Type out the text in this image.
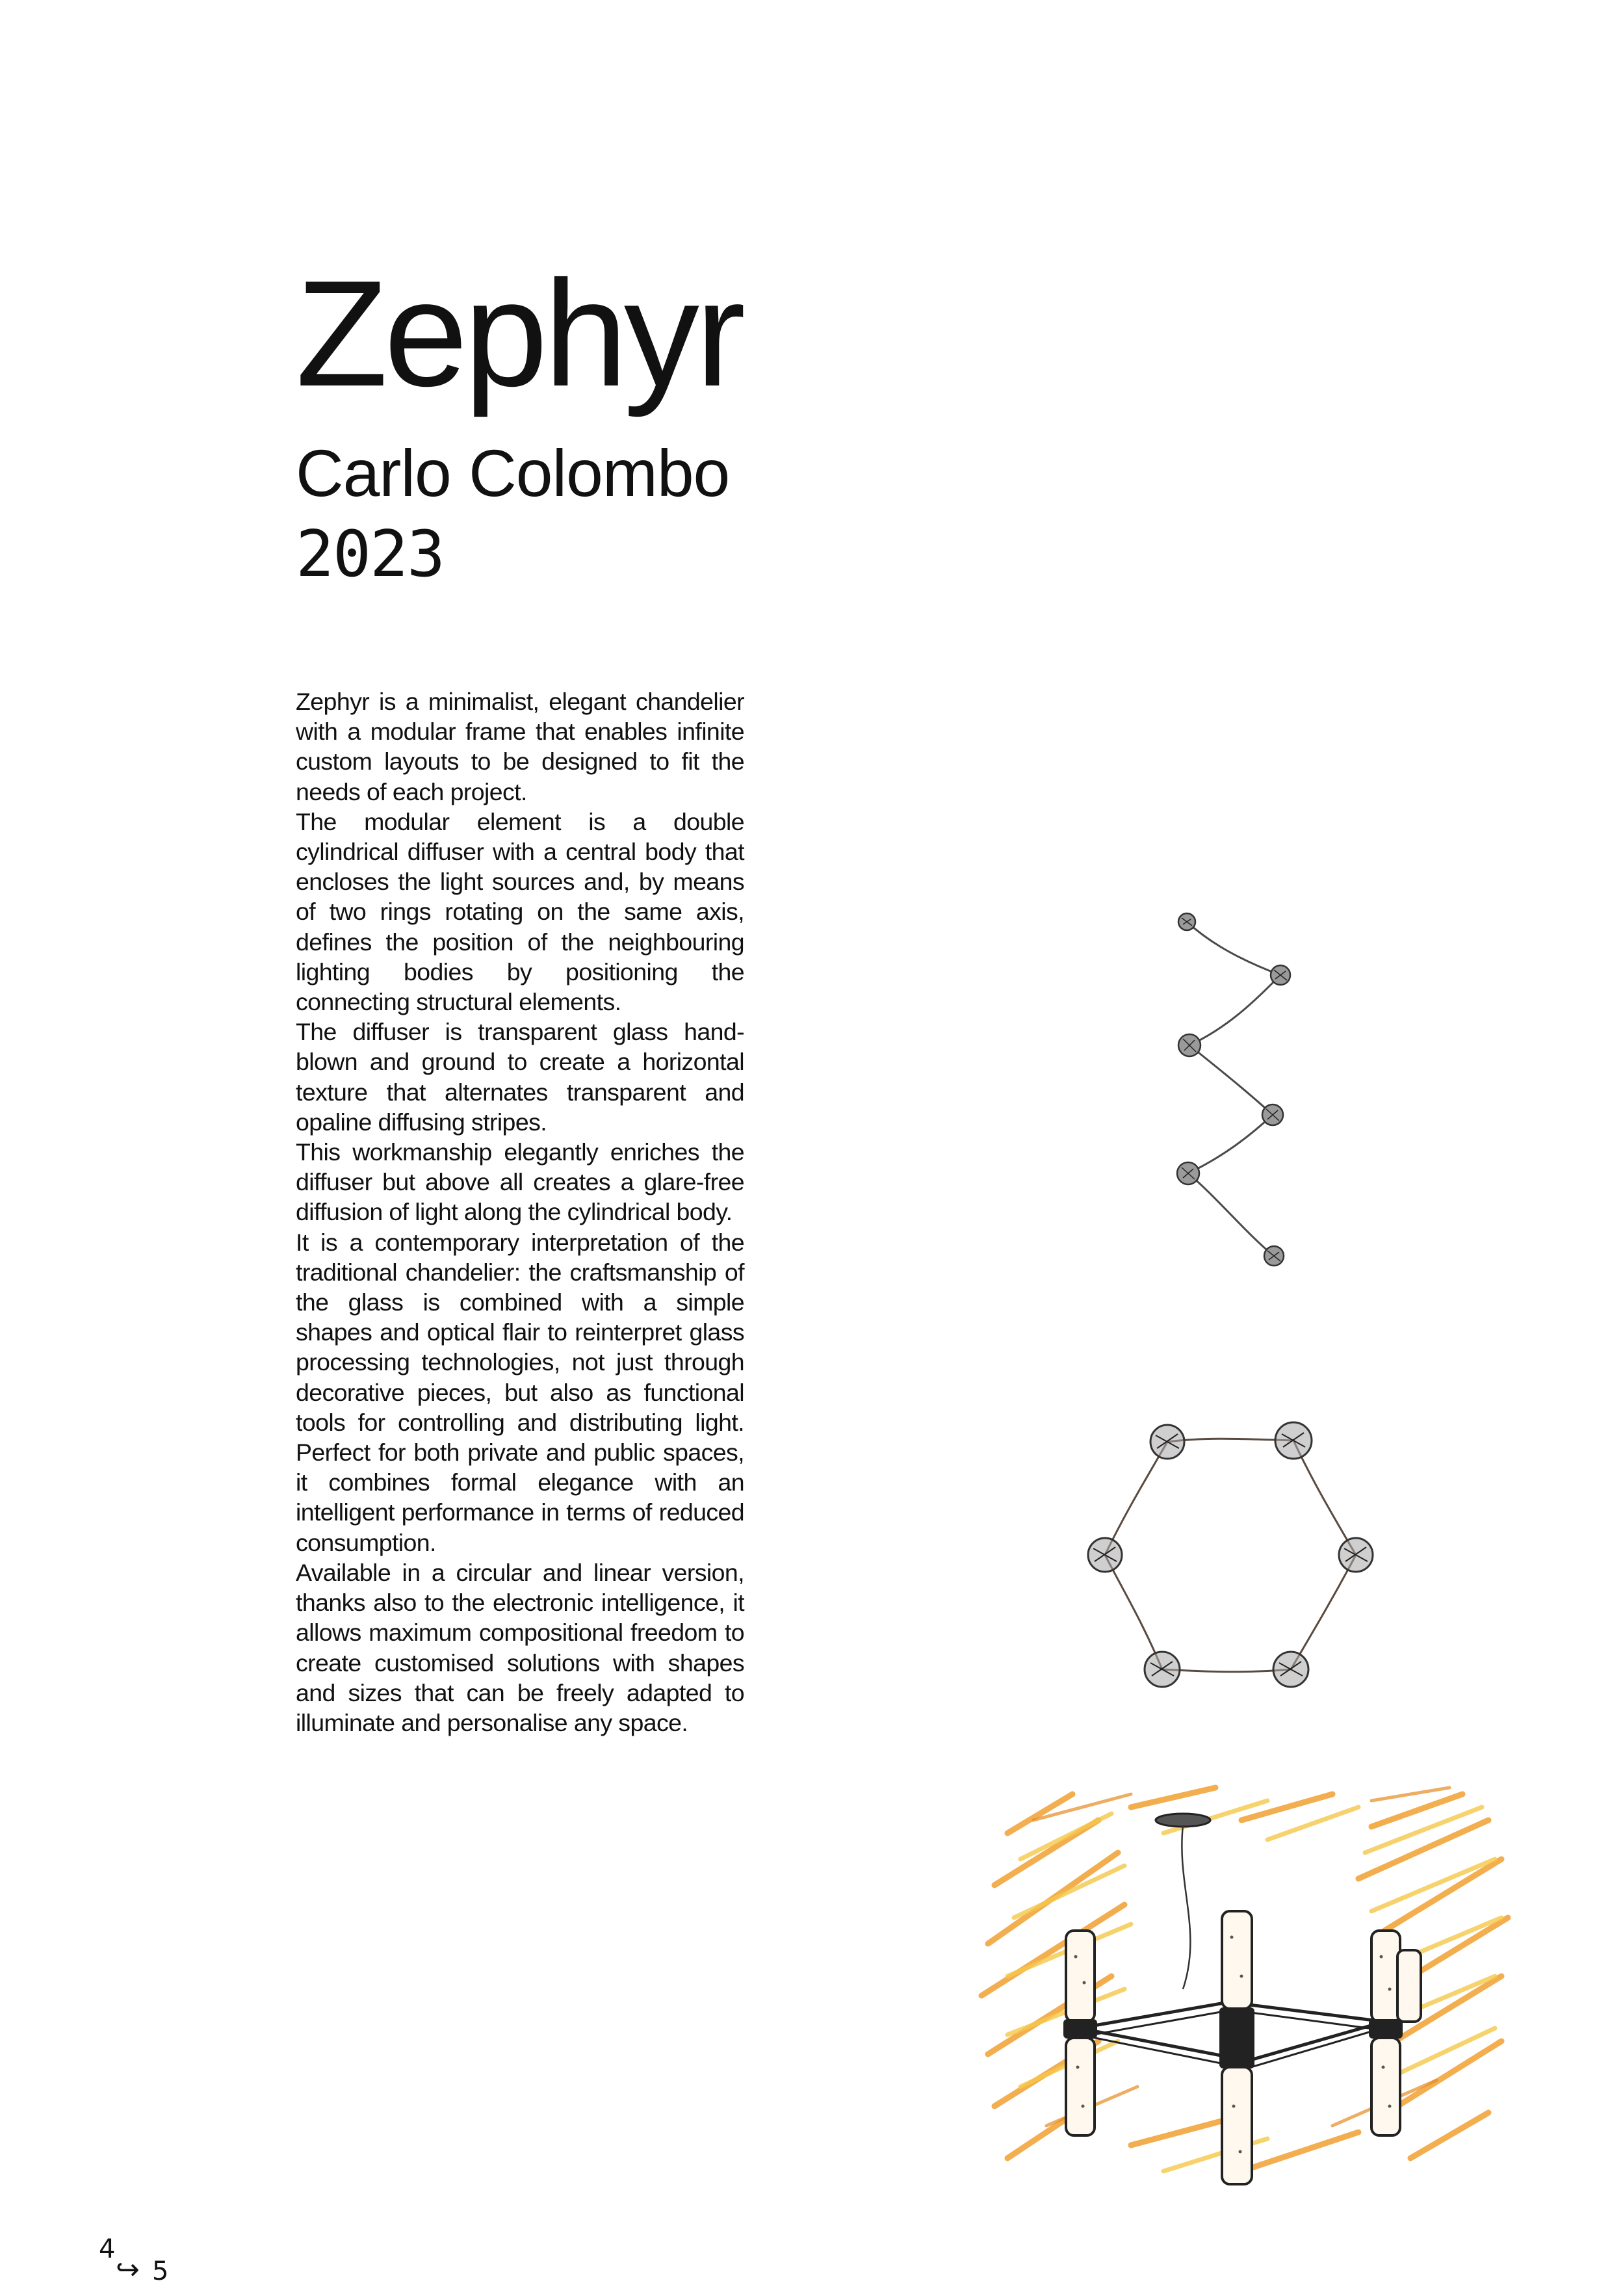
Zephyr
Carlo Colombo
2023

Zephyr is a minimalist, elegant chandelier with a modular frame that enables infinite custom layouts to be designed to fit the needs of each project.

The modular element is a double cylindrical diffuser with a central body that encloses the light sources and, by means of two rings rotating on the same axis, defines the position of the neighbouring lighting bodies by positioning the connecting structural elements.

The diffuser is transparent glass hand-blown and ground to create a horizontal texture that alternates transparent and opaline diffusing stripes.

This workmanship elegantly enriches the diffuser but above all creates a glare-free diffusion of light along the cylindrical body.

It is a contemporary interpretation of the traditional chandelier: the craftsmanship of the glass is combined with a simple shapes and optical flair to reinterpret glass processing technologies, not just through decorative pieces, but also as functional tools for controlling and distributing light. Perfect for both private and public spaces, it combines formal elegance with an intelligent performance in terms of reduced consumption.

Available in a circular and linear version, thanks also to the electronic intelligence, it allows maximum compositional freedom to create customised solutions with shapes and sizes that can be freely adapted to illuminate and personalise any space.

4
↪ 5
